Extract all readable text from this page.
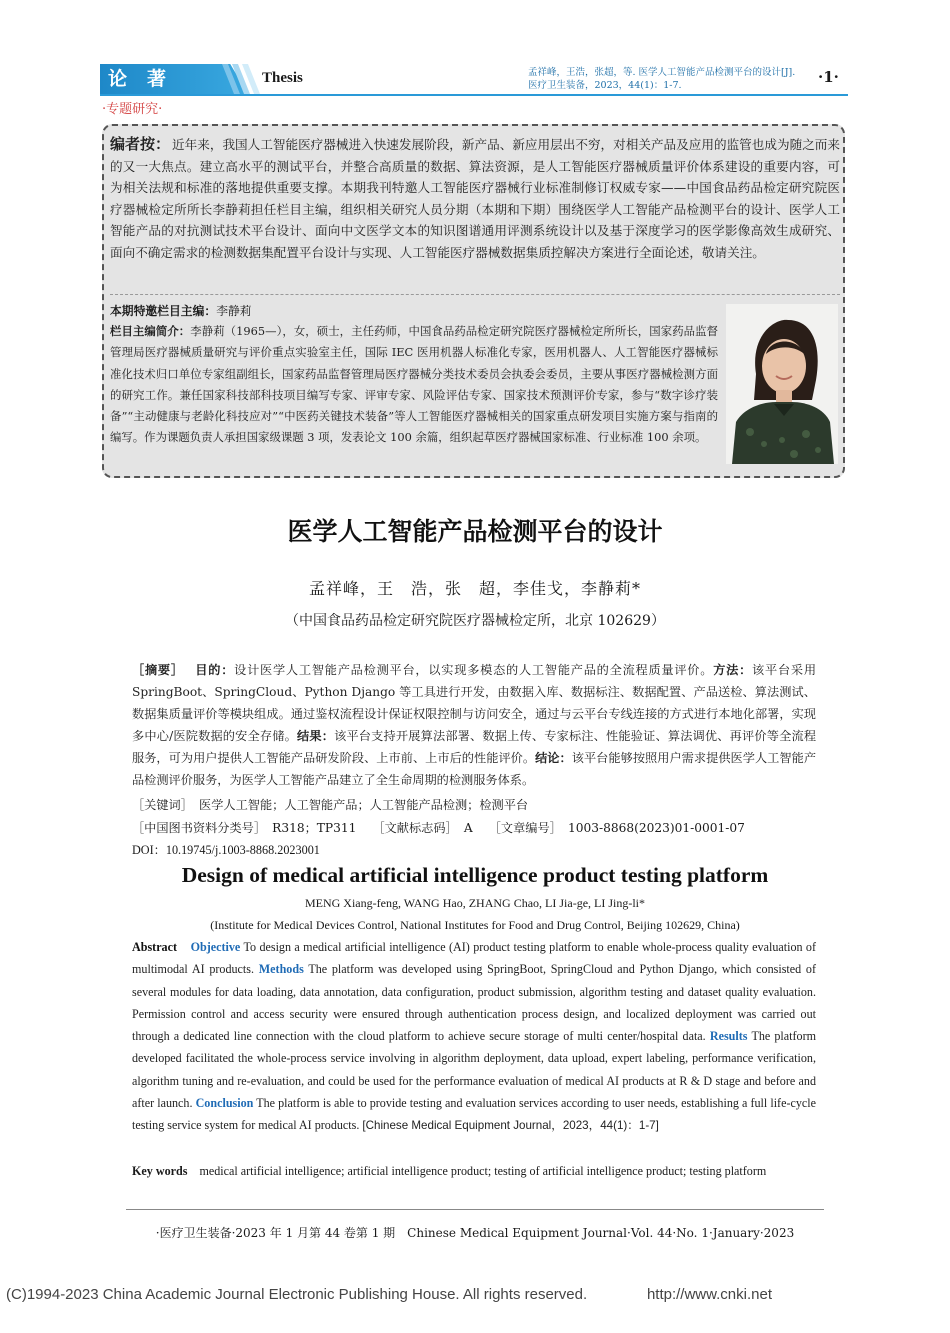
论著	Thesis	孟祥峰，王浩，张超，等. 医学人工智能产品检测平台的设计[J].
医疗卫生装备，2023，44(1)：1-7.	·1·
·专题研究·
编者按： 近年来，我国人工智能医疗器械进入快速发展阶段，新产品、新应用层出不穷，对相关产品及应用的监管也成为随之而来的又一大焦点。建立高水平的测试平台，并整合高质量的数据、算法资源，是人工智能医疗器械质量评价体系建设的重要内容，可为相关法规和标准的落地提供重要支撑。本期我刊特邀人工智能医疗器械行业标准制修订权威专家——中国食品药品检定研究院医疗器械检定所所长李静莉担任栏目主编，组织相关研究人员分期（本期和下期）围绕医学人工智能产品检测平台的设计、医学人工智能产品的对抗测试技术平台设计、面向中文医学文本的知识图谱通用评测系统设计以及基于深度学习的医学影像高效生成研究、面向不确定需求的检测数据集配置平台设计与实现、人工智能医疗器械数据集质控解决方案进行全面论述，敬请关注。
本期特邀栏目主编：李静莉
栏目主编简介：李静莉（1965—），女，硕士，主任药师，中国食品药品检定研究院医疗器械检定所所长，国家药品监督管理局医疗器械质量研究与评价重点实验室主任，国际 IEC 医用机器人标准化专家，医用机器人、人工智能医疗器械标准化技术归口单位专家组副组长，国家药品监督管理局医疗器械分类技术委员会执委会委员，主要从事医疗器械检测方面的研究工作。兼任国家科技部科技项目编写专家、评审专家、风险评估专家、国家技术预测评价专家，参与“数字诊疗装备”“主动健康与老龄化科技应对”“中医药关键技术装备”等人工智能医疗器械相关的国家重点研发项目实施方案与指南的编写。作为课题负责人承担国家级课题 3 项，发表论文 100 余篇，组织起草医疗器械国家标准、行业标准 100 余项。
医学人工智能产品检测平台的设计
孟祥峰，王　浩，张　超，李佳戈，李静莉*
（中国食品药品检定研究院医疗器械检定所，北京 102629）
［摘要］　 目的：设计医学人工智能产品检测平台，以实现多模态的人工智能产品的全流程质量评价。方法：该平台采用 SpringBoot、SpringCloud、Python Django 等工具进行开发，由数据入库、数据标注、数据配置、产品送检、算法测试、数据集质量评价等模块组成。通过鉴权流程设计保证权限控制与访问安全，通过与云平台专线连接的方式进行本地化部署，实现多中心/医院数据的安全存储。结果：该平台支持开展算法部署、数据上传、专家标注、性能验证、算法调优、再评价等全流程服务，可为用户提供人工智能产品研发阶段、上市前、上市后的性能评价。结论：该平台能够按照用户需求提供医学人工智能产品检测评价服务，为医学人工智能产品建立了全生命周期的检测服务体系。
［关键词］　 医学人工智能；人工智能产品；人工智能产品检测；检测平台
［中国图书资料分类号］　 R318；TP311　 ［文献标志码］　 A　 ［文章编号］　 1003-8868(2023)01-0001-07
DOI：10.19745/j.1003-8868.2023001
Design of medical artificial intelligence product testing platform
MENG Xiang-feng, WANG Hao, ZHANG Chao, LI Jia-ge, LI Jing-li*
(Institute for Medical Devices Control, National Institutes for Food and Drug Control, Beijing 102629, China)
Abstract Objective To design a medical artificial intelligence (AI) product testing platform to enable whole-process quality evaluation of multimodal AI products. Methods The platform was developed using SpringBoot, SpringCloud and Python Django, which consisted of several modules for data loading, data annotation, data configuration, product submission, algorithm testing and dataset quality evaluation. Permission control and access security were ensured through authentication process design, and localized deployment was carried out through a dedicated line connection with the cloud platform to achieve secure storage of multi center/hospital data. Results The platform developed facilitated the whole-process service involving in algorithm deployment, data upload, expert labeling, performance verification, algorithm tuning and re-evaluation, and could be used for the performance evaluation of medical AI products at R & D stage and before and after launch. Conclusion The platform is able to provide testing and evaluation services according to user needs, establishing a full life-cycle testing service system for medical AI products. [Chinese Medical Equipment Journal，2023，44(1)：1-7]
Key words medical artificial intelligence; artificial intelligence product; testing of artificial intelligence product; testing platform
·医疗卫生装备·2023 年 1 月第 44 卷第 1 期　Chinese Medical Equipment Journal·Vol. 44·No. 1·January·2023
(C)1994-2023 China Academic Journal Electronic Publishing House. All rights reserved.	http://www.cnki.net
